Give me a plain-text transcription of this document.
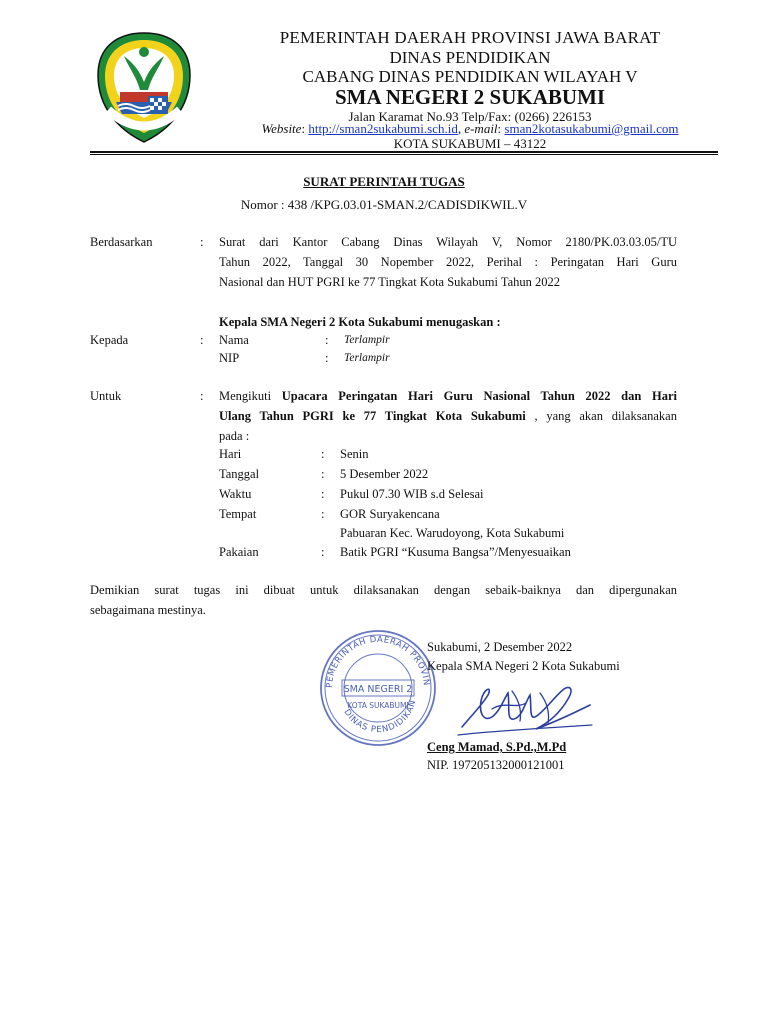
PEMERINTAH DAERAH PROVINSI JAWA BARAT
DINAS PENDIDIKAN
CABANG DINAS PENDIDIKAN WILAYAH V
SMA NEGERI 2 SUKABUMI
Jalan Karamat No.93 Telp/Fax: (0266) 226153
Website: http://sman2sukabumi.sch.id, e-mail: sman2kotasukabumi@gmail.com
KOTA SUKABUMI – 43122
SURAT PERINTAH TUGAS
Nomor : 438 /KPG.03.01-SMAN.2/CADISDIKWIL.V
Berdasarkan	: Surat dari Kantor Cabang Dinas Wilayah V, Nomor 2180/PK.03.03.05/TU
Tahun 2022, Tanggal 30 Nopember 2022, Perihal : Peringatan Hari Guru
Nasional dan HUT PGRI ke 77 Tingkat Kota Sukabumi Tahun 2022
Kepala SMA Negeri 2 Kota Sukabumi menugaskan :
Kepada	: Nama	: Terlampir
NIP	: Terlampir
Untuk	: Mengikuti Upacara Peringatan Hari Guru Nasional Tahun 2022 dan Hari
Ulang Tahun PGRI ke 77 Tingkat Kota Sukabumi , yang akan dilaksanakan
pada :
Hari	: Senin
Tanggal	: 5 Desember 2022
Waktu	: Pukul 07.30 WIB s.d Selesai
Tempat	: GOR Suryakencana
Pabuaran Kec. Warudoyong, Kota Sukabumi
Pakaian	: Batik PGRI “Kusuma Bangsa”/Menyesuaikan
Demikian surat tugas ini dibuat untuk dilaksanakan dengan sebaik-baiknya dan dipergunakan
sebagaimana mestinya.
PEMERINTAH DAERAH PROVIN
DINAS PENDIDIKAN
SMA NEGERI 2
KOTA SUKABUMI
Sukabumi, 2 Desember 2022
Kepala SMA Negeri 2 Kota Sukabumi
Ceng Mamad, S.Pd.,M.Pd
NIP. 197205132000121001
